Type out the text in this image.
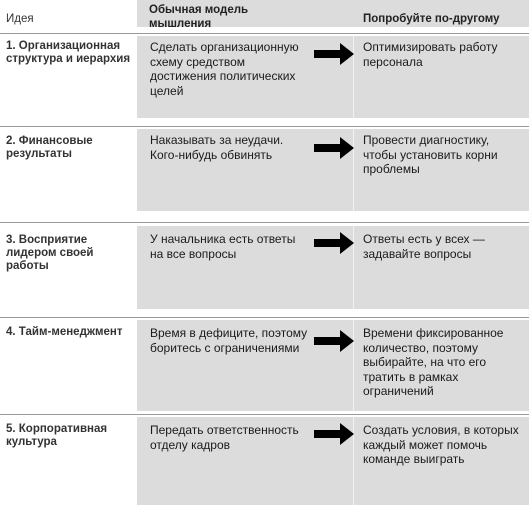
Идея
Обычная модель мышления	Попробуйте по-другому
1. Организационная структура и иерархия
Сделать организационную схему средством достижения политических целей
Оптимизировать работу персонала
2. Финансовые результаты
Наказывать за неудачи. Кого-нибудь обвинять
Провести диагностику, чтобы установить корни проблемы
3. Восприятие лидером своей работы
У начальника есть ответы на все вопросы
Ответы есть у всех — задавайте вопросы
4. Тайм-менеджмент	Время в дефиците, поэтому боритесь с ограничениями
Времени фиксированное количество, поэтому выбирайте, на что его тратить в рамках ограничений
5. Корпоративная культура
Передать ответственность отделу кадров
Создать условия, в которых каждый может помочь команде выиграть
